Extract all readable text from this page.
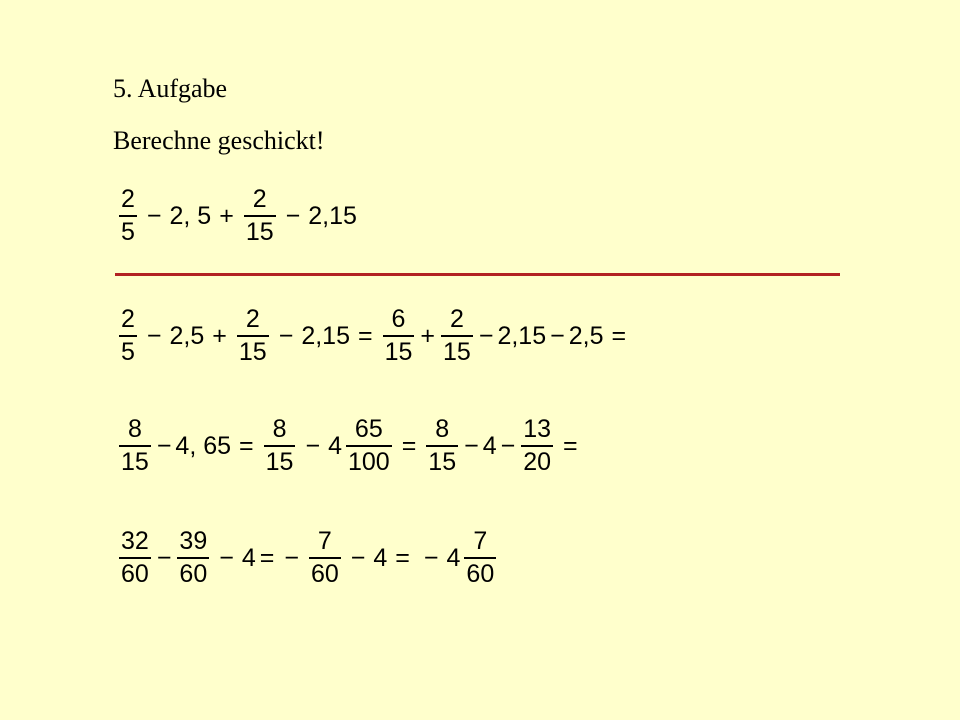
5. Aufgabe
Berechne geschickt!
$\frac{2}{5} - 2$, $5 + \frac{2}{15} - 2,15$
$\frac{2}{5} - 2,5 + \frac{2}{15} - 2,15 = \frac{6}{15} + \frac{2}{15} - 2,15 - 2,5$ =
$\frac{8}{15} - 4$, $65 = \frac{8}{15} - 4 \frac{65}{100} = \frac{8}{15} - 4 - \frac{13}{20}$ =
$\frac{32}{60} - \frac{39}{60} - 4$ = − $\frac{7}{60} - 4$ = − $4 \frac{7}{60}$
